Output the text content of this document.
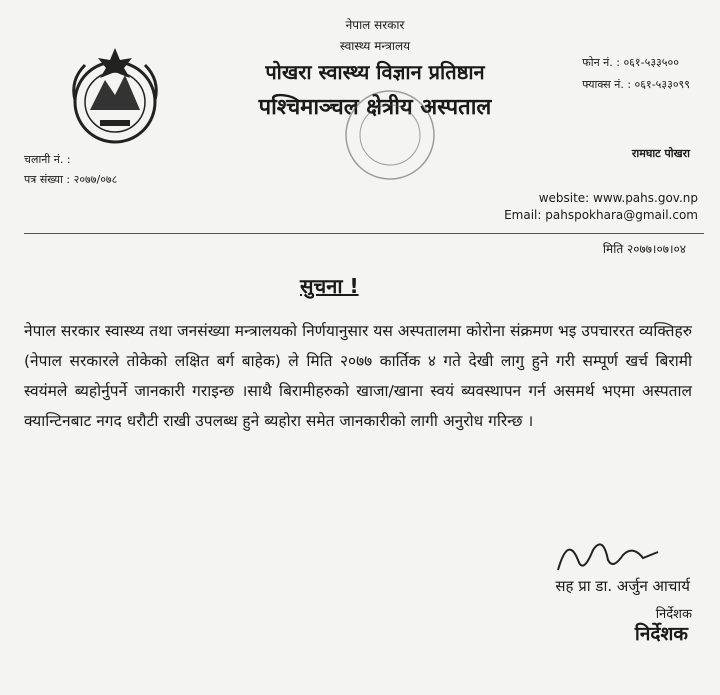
नेपाल सरकार
स्वास्थ्य मन्त्रालय
पोखरा स्वास्थ्य विज्ञान प्रतिष्ठान
पश्चिमाञ्चल क्षेत्रीय अस्पताल
फोन नं. : ०६१-५३३५००
फ्याक्स नं. : ०६१-५३३०९९
रामघाट पोखरा
चलानी नं. :
पत्र संख्या : २०७७/०७८
website: www.pahs.gov.np
Email: pahspokhara@gmail.com
मिति २०७७।०७।०४
सुचना !
नेपाल सरकार स्वास्थ्य तथा जनसंख्या मन्त्रालयको निर्णयानुसार यस अस्पतालमा कोरोना संक्रमण भइ उपचाररत व्यक्तिहरु (नेपाल सरकारले तोकेको लक्षित बर्ग बाहेक) ले मिति २०७७ कार्तिक ४ गते देखी लागु हुने गरी सम्पूर्ण खर्च बिरामी स्वयंमले ब्यहोर्नुपर्ने जानकारी गराइन्छ ।साथै बिरामीहरुको खाजा/खाना स्वयं ब्यवस्थापन गर्न असमर्थ भएमा अस्पताल क्यान्टिनबाट नगद धरौटी राखी उपलब्ध हुने ब्यहोरा समेत जानकारीको लागी अनुरोध गरिन्छ ।
सह प्रा डा. अर्जुन आचार्य
निर्देशक
निर्देशक
